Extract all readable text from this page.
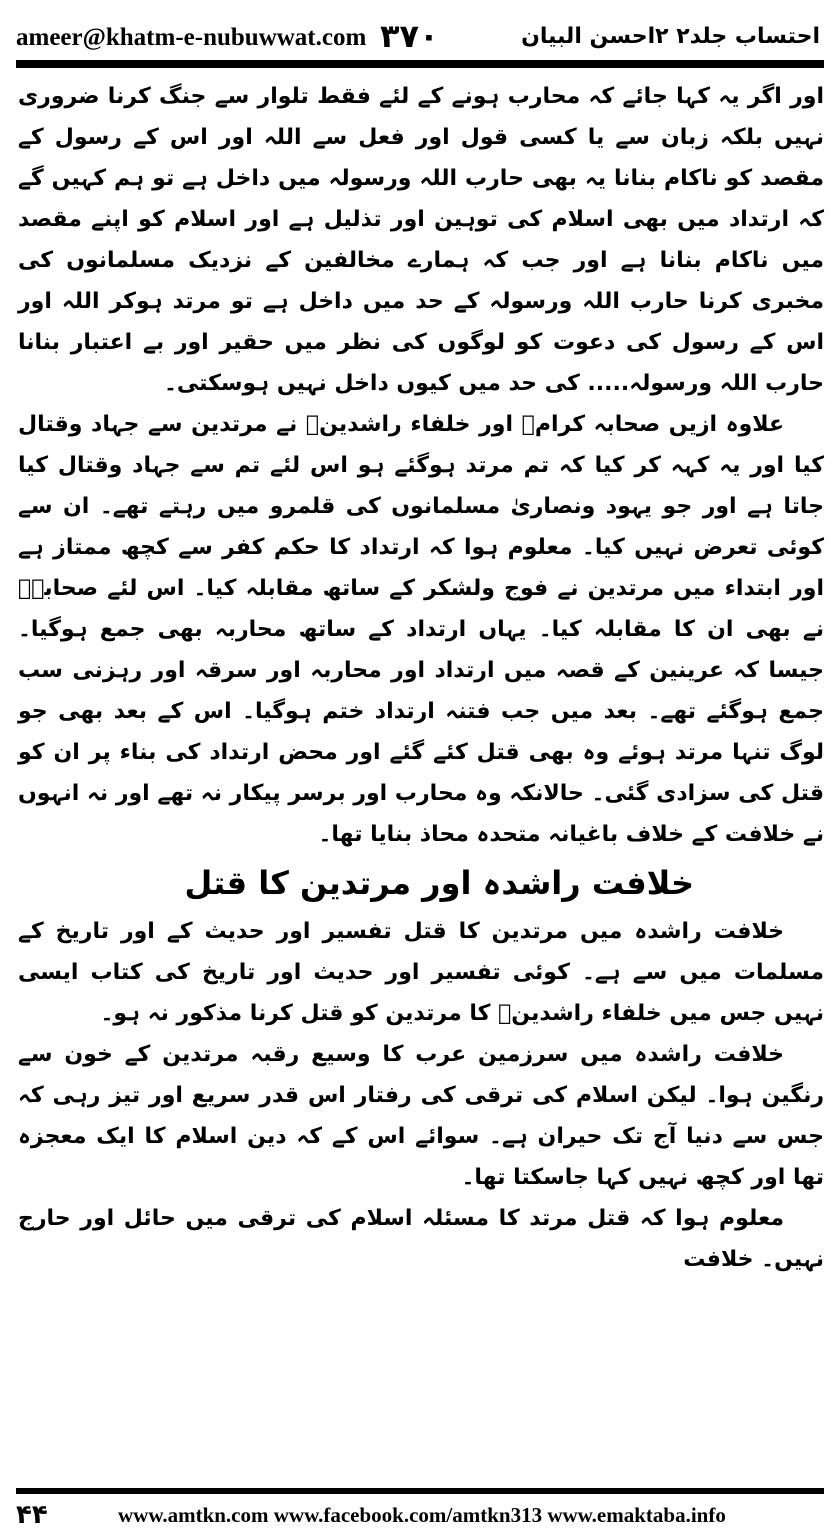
ameer@khatm-e-nubuwwat.com ۳۷۰	احتساب جلد۲ ۲احسن البیان

اور اگر یہ کہا جائے کہ محارب ہونے کے لئے فقط تلوار سے جنگ کرنا ضروری نہیں بلکہ زبان سے یا کسی قول اور فعل سے اللہ اور اس کے رسول کے مقصد کو ناکام بنانا یہ بھی حارب اللہ ورسولہ میں داخل ہے تو ہم کہیں گے کہ ارتداد میں بھی اسلام کی توہین اور تذلیل ہے اور اسلام کو اپنے مقصد میں ناکام بنانا ہے اور جب کہ ہمارے مخالفین کے نزدیک مسلمانوں کی مخبری کرنا حارب اللہ ورسولہ کے حد میں داخل ہے تو مرتد ہوکر اللہ اور اس کے رسول کی دعوت کو لوگوں کی نظر میں حقیر اور بے اعتبار بنانا حارب اللہ ورسولہ..... کی حد میں کیوں داخل نہیں ہوسکتی۔

علاوہ ازیں صحابہ کرامؓ اور خلفاء راشدینؓ نے مرتدین سے جہاد وقتال کیا اور یہ کہہ کر کیا کہ تم مرتد ہوگئے ہو اس لئے تم سے جہاد وقتال کیا جاتا ہے اور جو یہود ونصاریٰ مسلمانوں کی قلمرو میں رہتے تھے۔ ان سے کوئی تعرض نہیں کیا۔ معلوم ہوا کہ ارتداد کا حکم کفر سے کچھ ممتاز ہے اور ابتداء میں مرتدین نے فوج ولشکر کے ساتھ مقابلہ کیا۔ اس لئے صحابہؓ نے بھی ان کا مقابلہ کیا۔ یہاں ارتداد کے ساتھ محاربہ بھی جمع ہوگیا۔ جیسا کہ عرینین کے قصہ میں ارتداد اور محاربہ اور سرقہ اور رہزنی سب جمع ہوگئے تھے۔ بعد میں جب فتنہ ارتداد ختم ہوگیا۔ اس کے بعد بھی جو لوگ تنہا مرتد ہوئے وہ بھی قتل کئے گئے اور محض ارتداد کی بناء پر ان کو قتل کی سزادی گئی۔ حالانکہ وہ محارب اور برسر پیکار نہ تھے اور نہ انہوں نے خلافت کے خلاف باغیانہ متحدہ محاذ بنایا تھا۔

خلافت راشدہ اور مرتدین کا قتل

خلافت راشدہ میں مرتدین کا قتل تفسیر اور حدیث کے اور تاریخ کے مسلمات میں سے ہے۔ کوئی تفسیر اور حدیث اور تاریخ کی کتاب ایسی نہیں جس میں خلفاء راشدینؓ کا مرتدین کو قتل کرنا مذکور نہ ہو۔

خلافت راشدہ میں سرزمین عرب کا وسیع رقبہ مرتدین کے خون سے رنگین ہوا۔ لیکن اسلام کی ترقی کی رفتار اس قدر سریع اور تیز رہی کہ جس سے دنیا آج تک حیران ہے۔ سوائے اس کے کہ دین اسلام کا ایک معجزہ تھا اور کچھ نہیں کہا جاسکتا تھا۔

معلوم ہوا کہ قتل مرتد کا مسئلہ اسلام کی ترقی میں حائل اور حارج نہیں۔ خلافت

۴۴	www.amtkn.com www.facebook.com/amtkn313 www.emaktaba.info
